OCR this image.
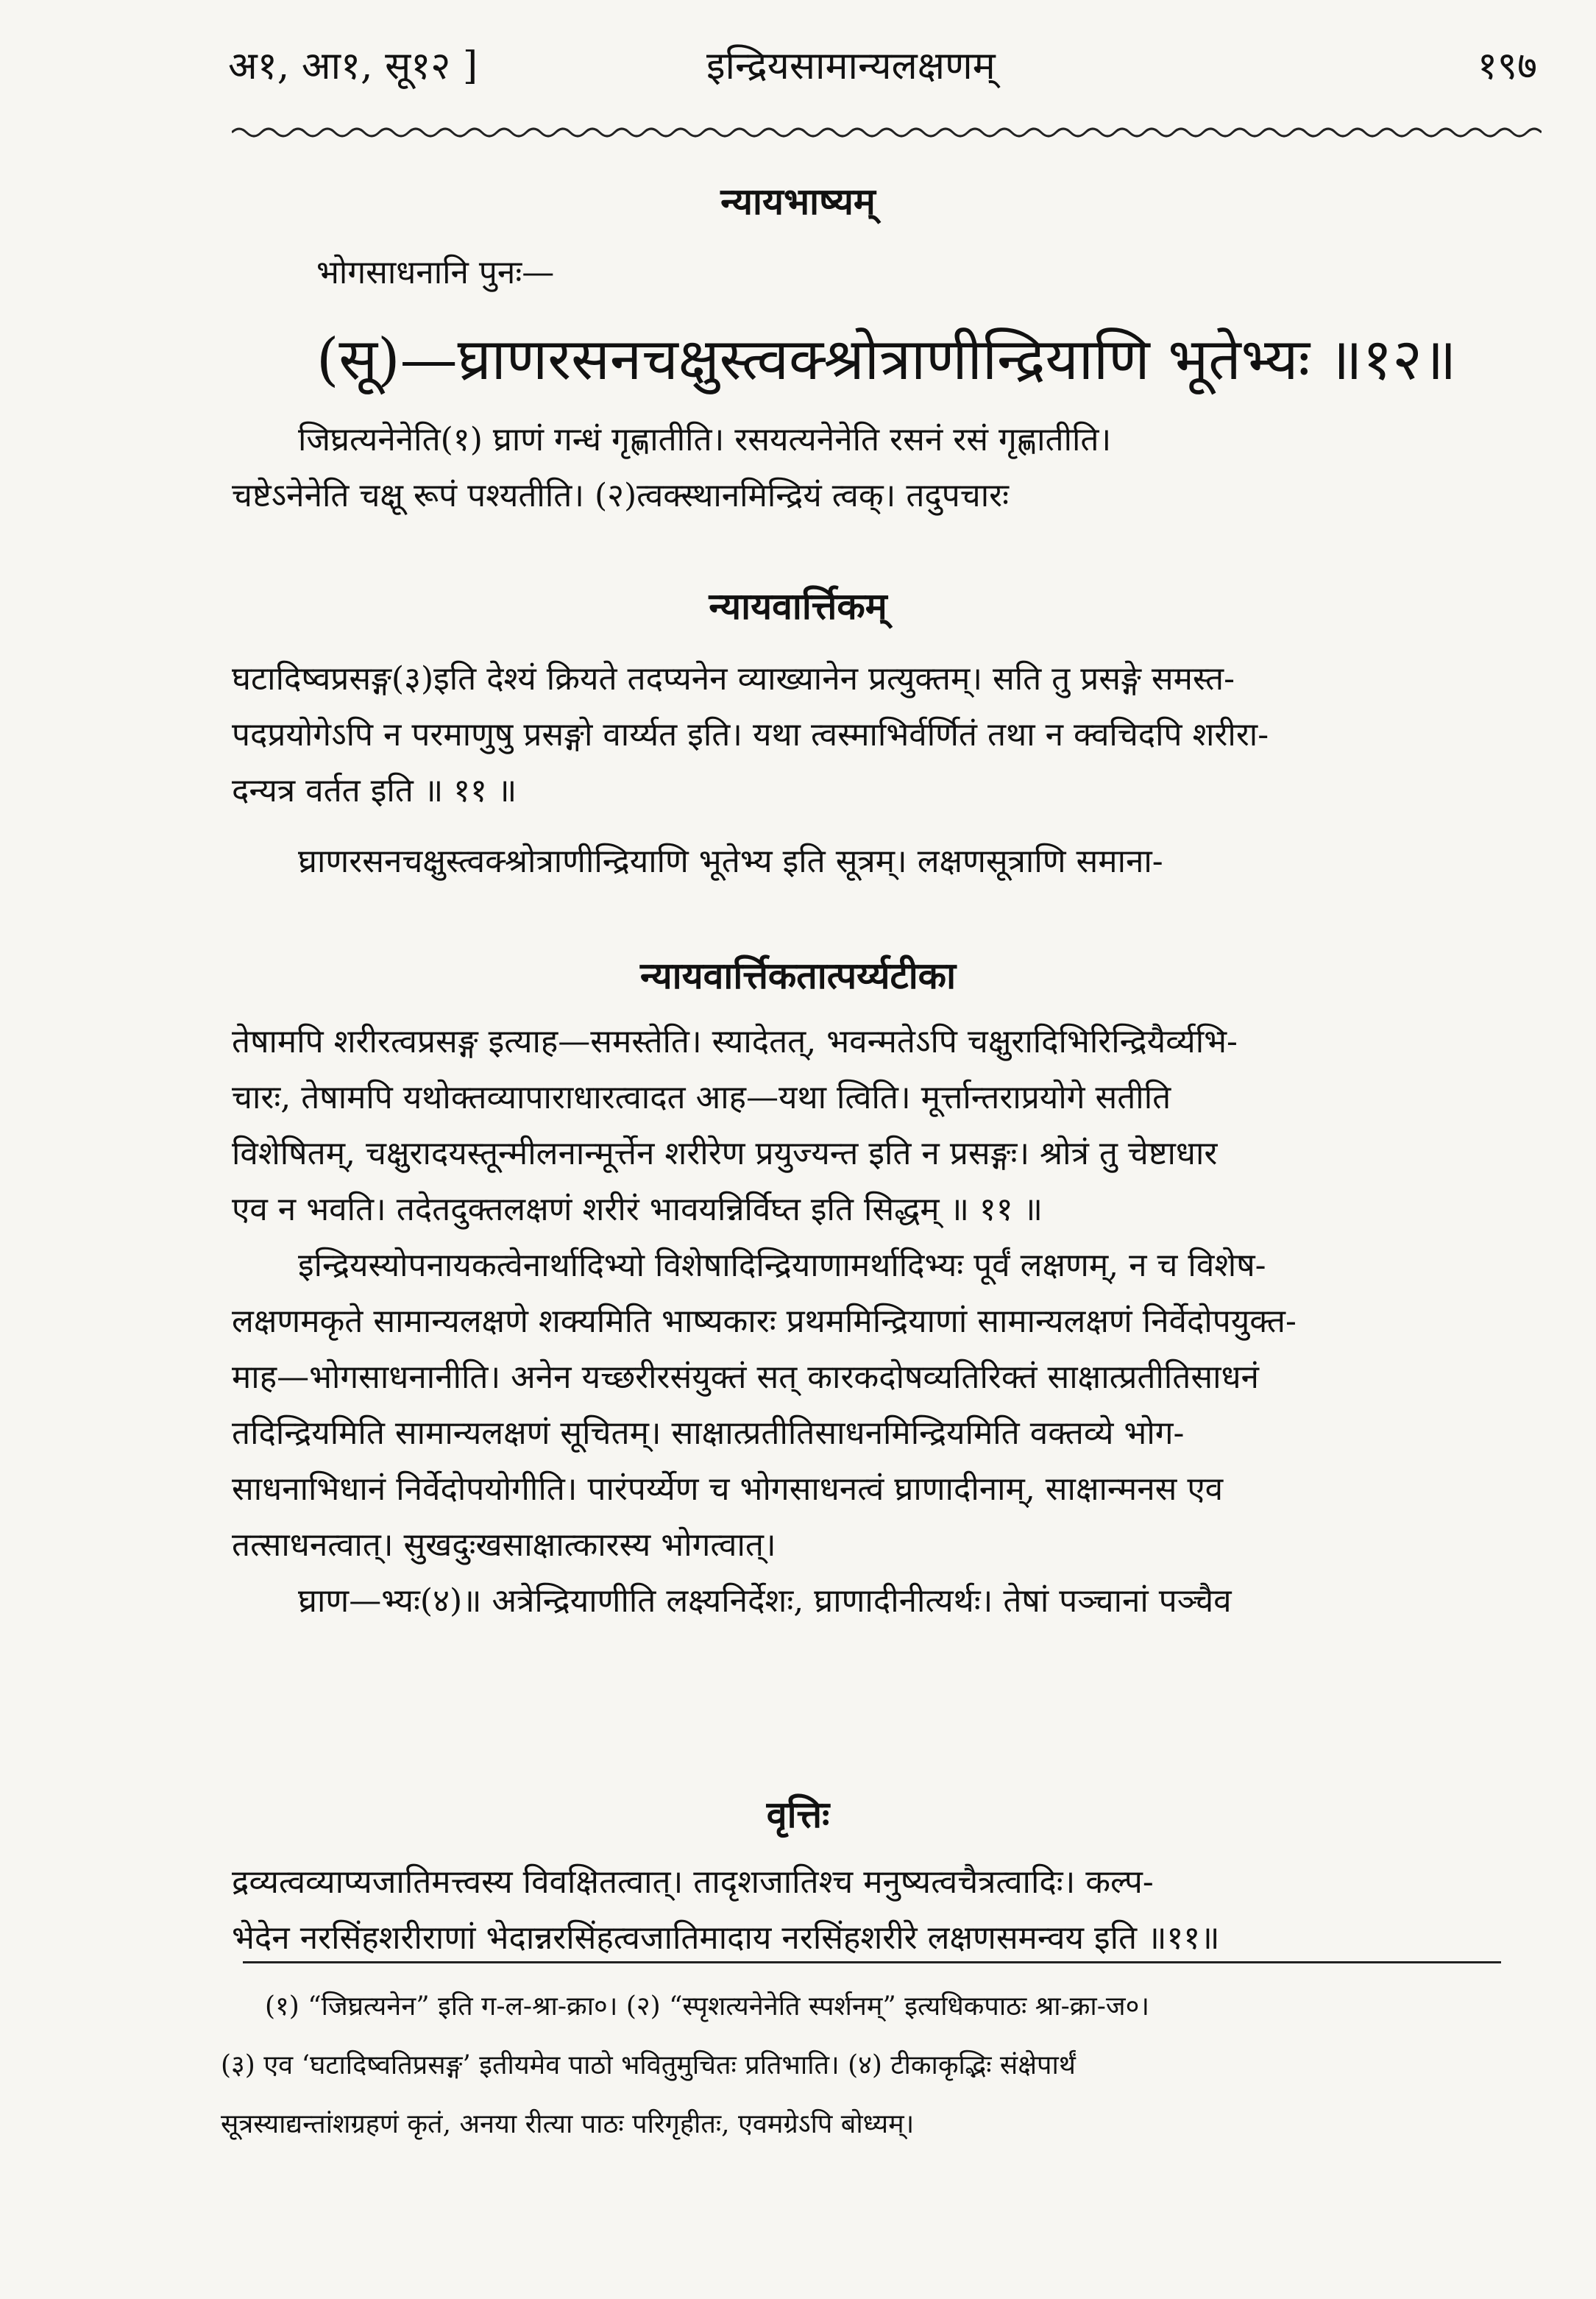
अ१, आ१, सू१२ ]	इन्द्रियसामान्यलक्षणम्	१९७
न्यायभाष्यम्
भोगसाधनानि पुनः—
(सू)—घ्राणरसनचक्षुस्त्वक्श्रोत्राणीन्द्रियाणि भूतेभ्यः ॥१२॥
जिघ्रत्यनेनेति(१) घ्राणं गन्धं गृह्णातीति। रसयत्यनेनेति रसनं रसं गृह्णातीति।
चष्टेऽनेनेति चक्षू रूपं पश्यतीति। (२)त्वक्स्थानमिन्द्रियं त्वक्। तदुपचारः
न्यायवार्त्तिकम्
घटादिष्वप्रसङ्ग(३)इति देश्यं क्रियते तदप्यनेन व्याख्यानेन प्रत्युक्तम्। सति तु प्रसङ्गे समस्त-
पदप्रयोगेऽपि न परमाणुषु प्रसङ्गो वार्य्यत इति। यथा त्वस्माभिर्वर्णितं तथा न क्वचिदपि शरीरा-
दन्यत्र वर्तत इति ॥ ११ ॥
घ्राणरसनचक्षुस्त्वक्श्रोत्राणीन्द्रियाणि भूतेभ्य इति सूत्रम्। लक्षणसूत्राणि समाना-
न्यायवार्त्तिकतात्पर्य्यटीका
तेषामपि शरीरत्वप्रसङ्ग इत्याह—समस्तेति। स्यादेतत्, भवन्मतेऽपि चक्षुरादिभिरिन्द्रियैर्व्यभि-
चारः, तेषामपि यथोक्तव्यापाराधारत्वादत आह—यथा त्विति। मूर्त्तान्तराप्रयोगे सतीति
विशेषितम्, चक्षुरादयस्तून्मीलनान्मूर्त्तेन शरीरेण प्रयुज्यन्त इति न प्रसङ्गः। श्रोत्रं तु चेष्टाधार
एव न भवति। तदेतदुक्तलक्षणं शरीरं भावयन्निर्विघ्त इति सिद्धम् ॥ ११ ॥
इन्द्रियस्योपनायकत्वेनार्थादिभ्यो विशेषादिन्द्रियाणामर्थादिभ्यः पूर्वं लक्षणम्, न च विशेष-
लक्षणमकृते सामान्यलक्षणे शक्यमिति भाष्यकारः प्रथममिन्द्रियाणां सामान्यलक्षणं निर्वेदोपयुक्त-
माह—भोगसाधनानीति। अनेन यच्छरीरसंयुक्तं सत् कारकदोषव्यतिरिक्तं साक्षात्प्रतीतिसाधनं
तदिन्द्रियमिति सामान्यलक्षणं सूचितम्। साक्षात्प्रतीतिसाधनमिन्द्रियमिति वक्तव्ये भोग-
साधनाभिधानं निर्वेदोपयोगीति। पारंपर्य्येण च भोगसाधनत्वं घ्राणादीनाम्, साक्षान्मनस एव
तत्साधनत्वात्। सुखदुःखसाक्षात्कारस्य भोगत्वात्।
घ्राण—भ्यः(४)॥ अत्रेन्द्रियाणीति लक्ष्यनिर्देशः, घ्राणादीनीत्यर्थः। तेषां पञ्चानां पञ्चैव
वृत्तिः
द्रव्यत्वव्याप्यजातिमत्त्वस्य विवक्षितत्वात्। तादृशजातिश्च मनुष्यत्वचैत्रत्वादिः। कल्प-
भेदेन नरसिंहशरीराणां भेदान्नरसिंहत्वजातिमादाय नरसिंहशरीरे लक्षणसमन्वय इति ॥११॥
(१) “जिघ्रत्यनेन” इति ग-ल-श्रा-क्रा०। (२) “स्पृशत्यनेनेति स्पर्शनम्” इत्यधिकपाठः श्रा-क्रा-ज०।
(३) एव ‘घटादिष्वतिप्रसङ्ग’ इतीयमेव पाठो भवितुमुचितः प्रतिभाति। (४) टीकाकृद्भिः संक्षेपार्थं
सूत्रस्याद्यन्तांशग्रहणं कृतं, अनया रीत्या पाठः परिगृहीतः, एवमग्रेऽपि बोध्यम्।
